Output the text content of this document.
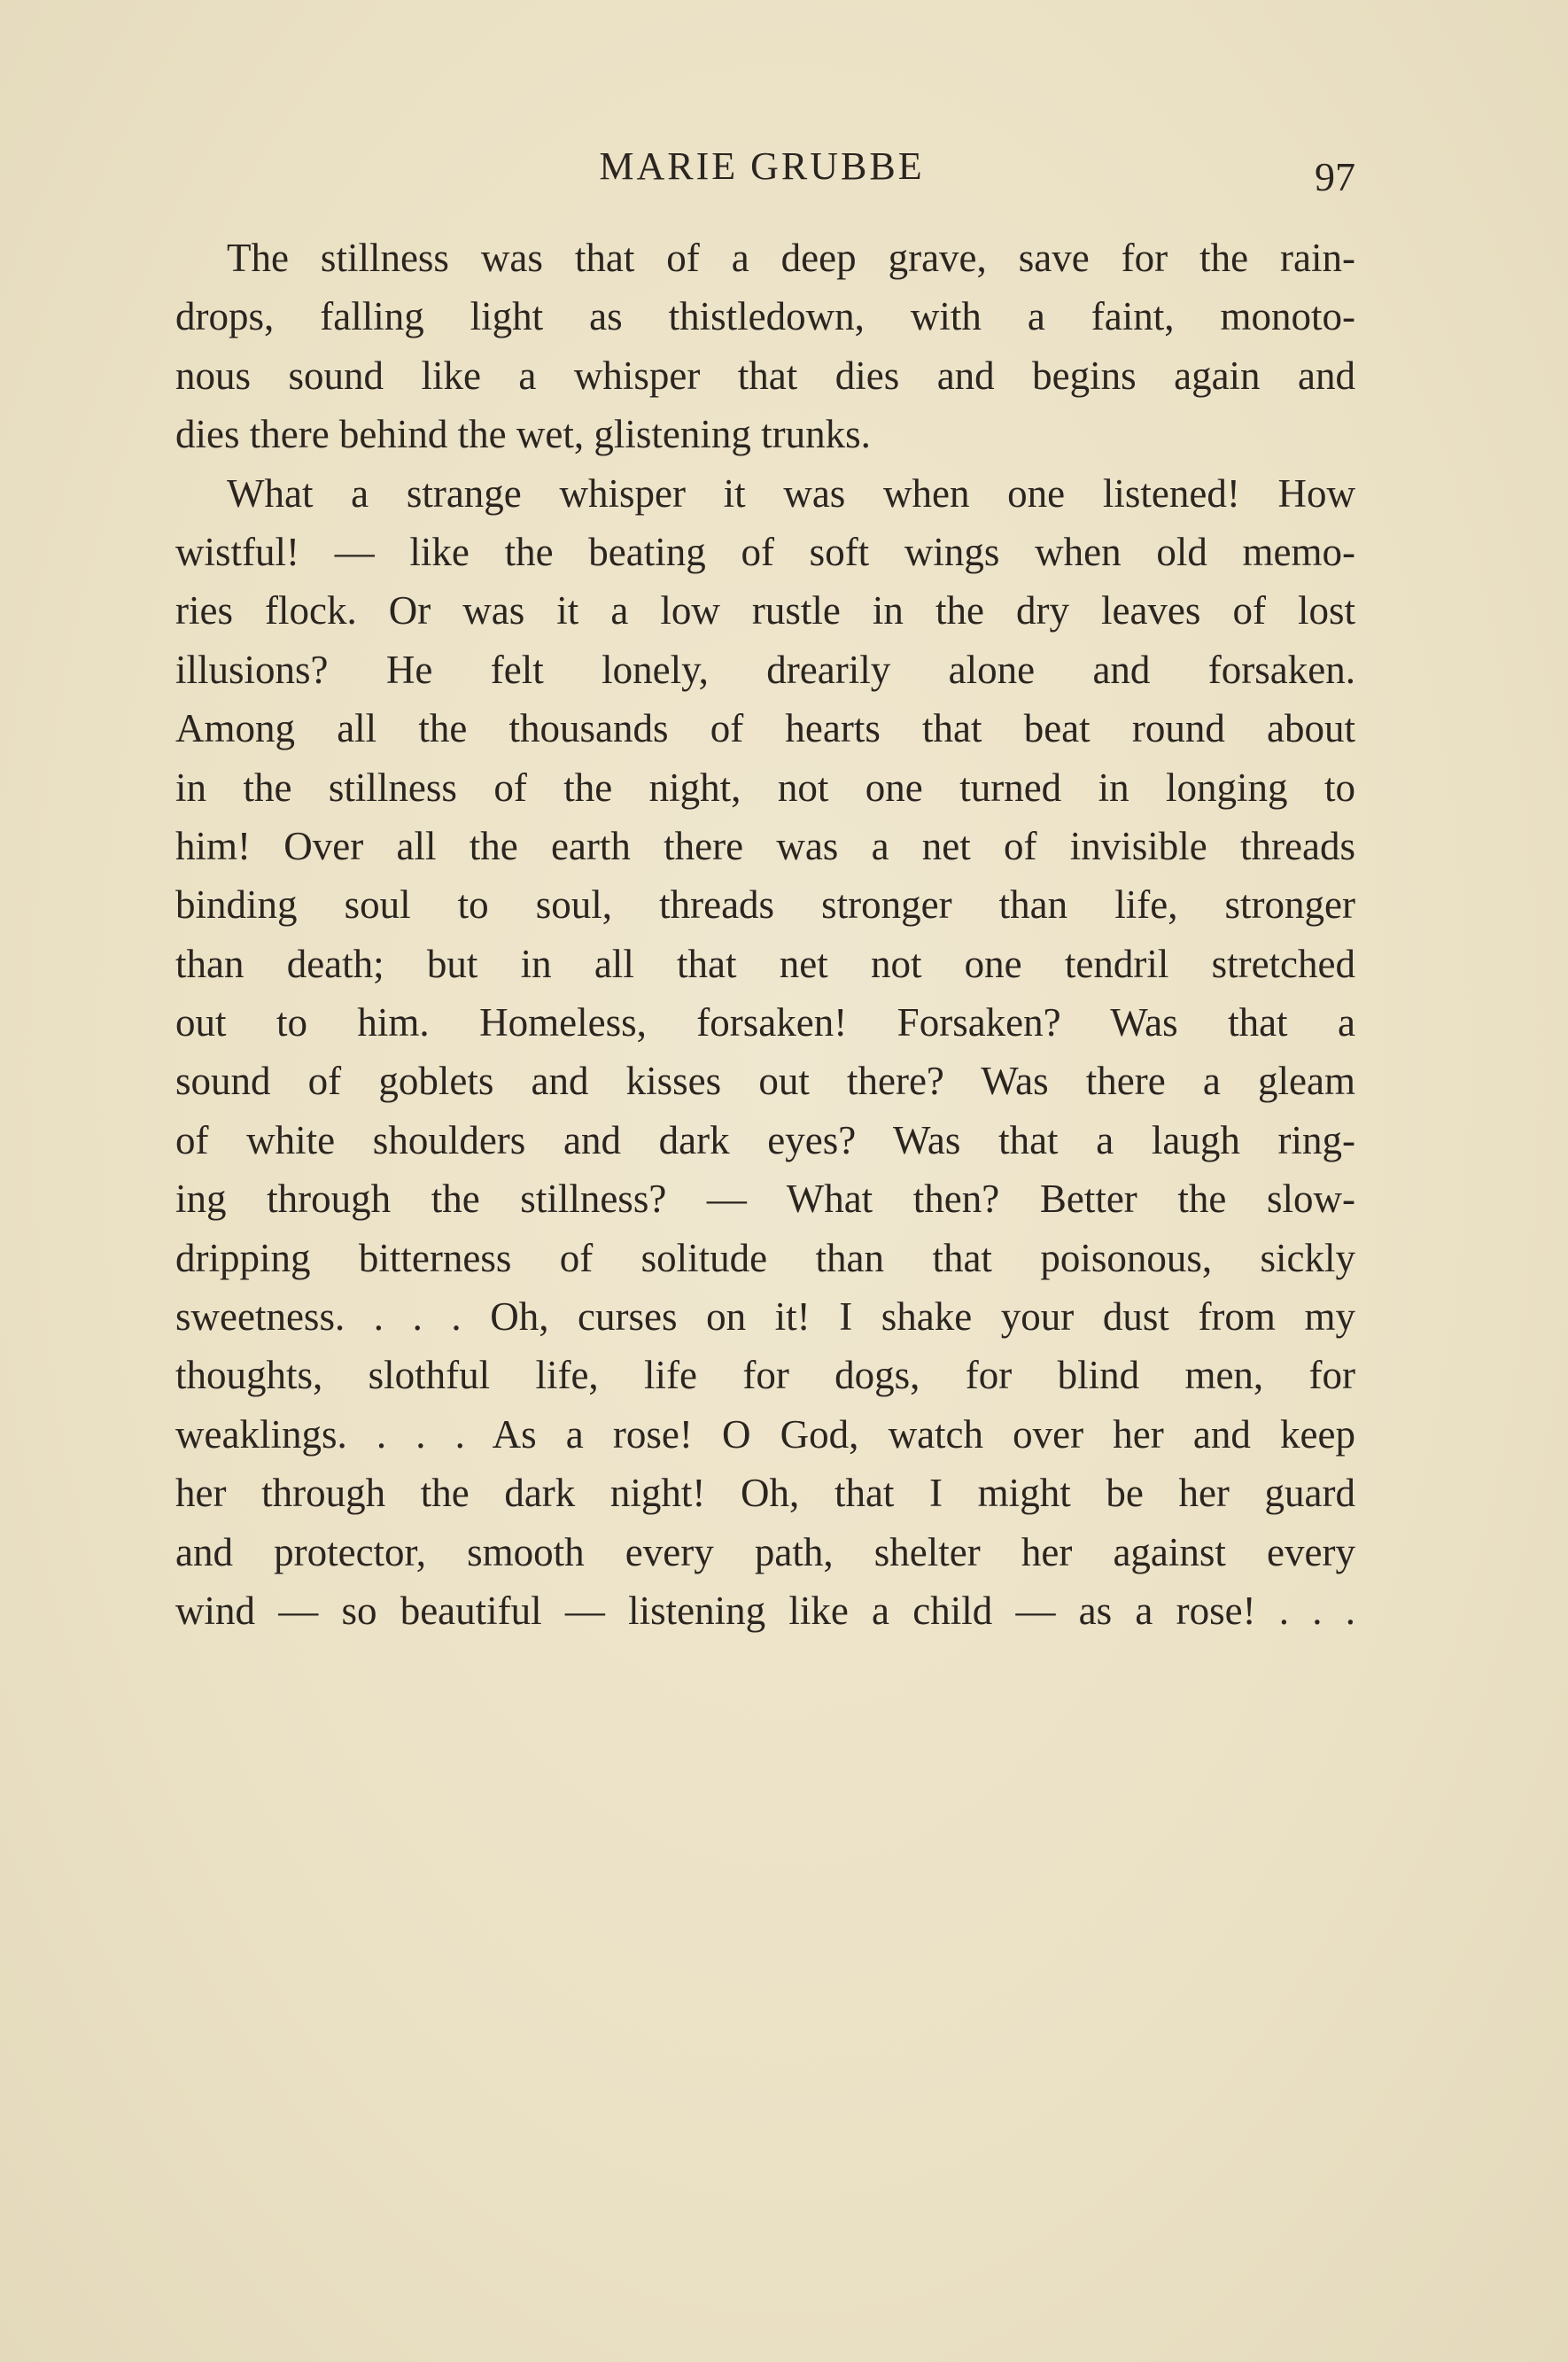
MARIE GRUBBE	97
The stillness was that of a deep grave, save for the rain-
drops, falling light as thistledown, with a faint, monoto-
nous sound like a whisper that dies and begins again and
dies there behind the wet, glistening trunks.
What a strange whisper it was when one listened! How
wistful! — like the beating of soft wings when old memo-
ries flock. Or was it a low rustle in the dry leaves of lost
illusions? He felt lonely, drearily alone and forsaken.
Among all the thousands of hearts that beat round about
in the stillness of the night, not one turned in longing to
him! Over all the earth there was a net of invisible threads
binding soul to soul, threads stronger than life, stronger
than death; but in all that net not one tendril stretched
out to him. Homeless, forsaken! Forsaken? Was that a
sound of goblets and kisses out there? Was there a gleam
of white shoulders and dark eyes? Was that a laugh ring-
ing through the stillness? — What then? Better the slow-
dripping bitterness of solitude than that poisonous, sickly
sweetness. . . . Oh, curses on it! I shake your dust from my
thoughts, slothful life, life for dogs, for blind men, for
weaklings. . . . As a rose! O God, watch over her and keep
her through the dark night! Oh, that I might be her guard
and protector, smooth every path, shelter her against every
wind — so beautiful — listening like a child — as a rose! . . .
